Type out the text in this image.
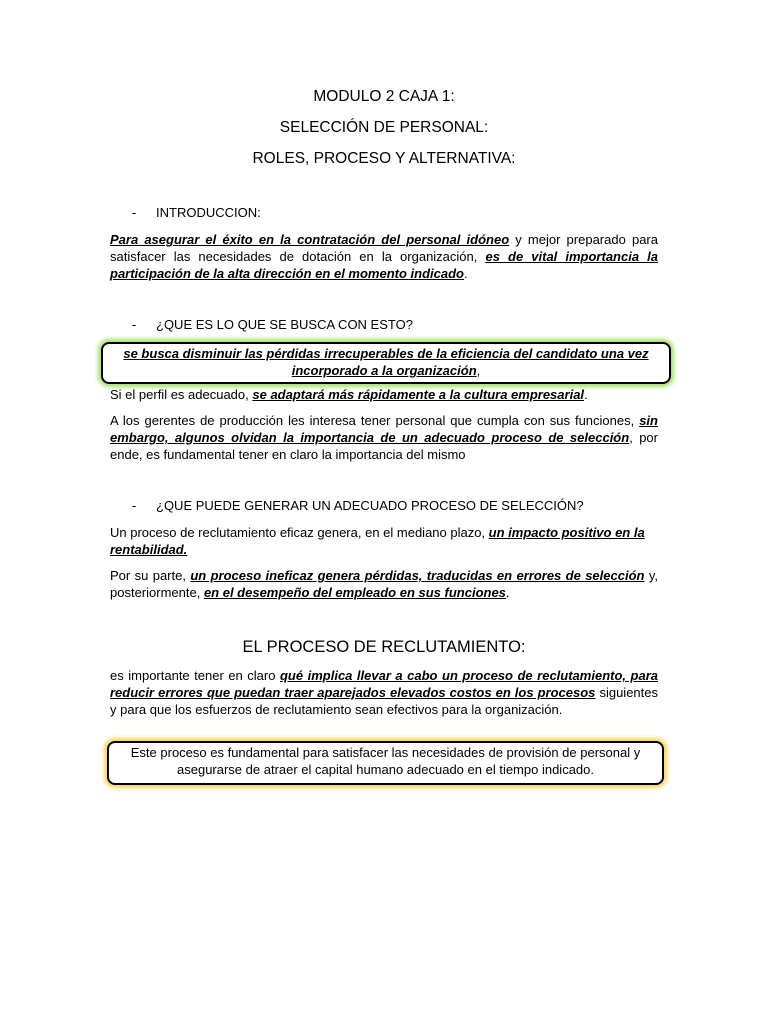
MODULO 2 CAJA 1:
SELECCIÓN DE PERSONAL:
ROLES, PROCESO Y ALTERNATIVA:
- INTRODUCCION:
Para asegurar el éxito en la contratación del personal idóneo y mejor preparado para satisfacer las necesidades de dotación en la organización, es de vital importancia la participación de la alta dirección en el momento indicado.
- ¿QUE ES LO QUE SE BUSCA CON ESTO?
se busca disminuir las pérdidas irrecuperables de la eficiencia del candidato una vez incorporado a la organización,
Si el perfil es adecuado, se adaptará más rápidamente a la cultura empresarial.
A los gerentes de producción les interesa tener personal que cumpla con sus funciones, sin embargo, algunos olvidan la importancia de un adecuado proceso de selección, por ende, es fundamental tener en claro la importancia del mismo
- ¿QUE PUEDE GENERAR UN ADECUADO PROCESO DE SELECCIÓN?
Un proceso de reclutamiento eficaz genera, en el mediano plazo, un impacto positivo en la rentabilidad.
Por su parte, un proceso ineficaz genera pérdidas, traducidas en errores de selección y, posteriormente, en el desempeño del empleado en sus funciones.
EL PROCESO DE RECLUTAMIENTO:
es importante tener en claro qué implica llevar a cabo un proceso de reclutamiento, para reducir errores que puedan traer aparejados elevados costos en los procesos siguientes y para que los esfuerzos de reclutamiento sean efectivos para la organización.
Este proceso es fundamental para satisfacer las necesidades de provisión de personal y asegurarse de atraer el capital humano adecuado en el tiempo indicado.
